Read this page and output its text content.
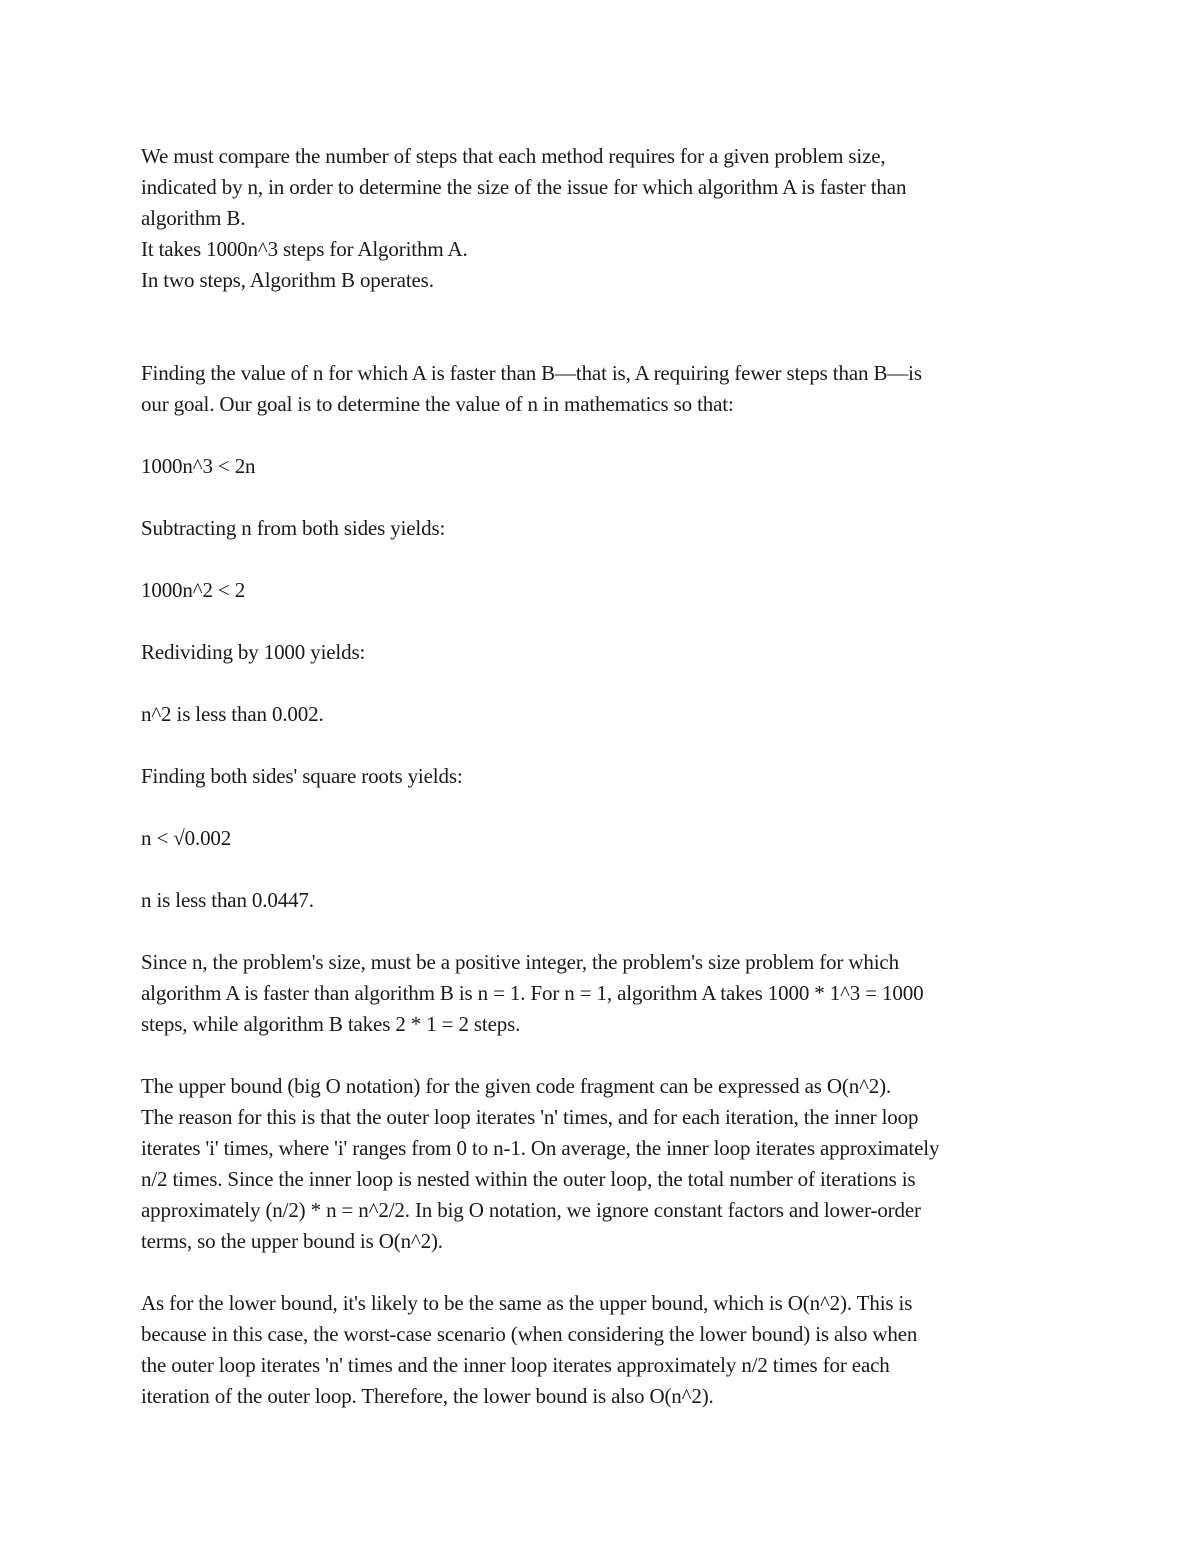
We must compare the number of steps that each method requires for a given problem size,

indicated by n, in order to determine the size of the issue for which algorithm A is faster than

algorithm B.

It takes 1000n^3 steps for Algorithm A.

In two steps, Algorithm B operates.

Finding the value of n for which A is faster than B—that is, A requiring fewer steps than B—is

our goal. Our goal is to determine the value of n in mathematics so that:

1000n^3 < 2n

Subtracting n from both sides yields:

1000n^2 < 2

Redividing by 1000 yields:

n^2 is less than 0.002.

Finding both sides' square roots yields:

n < √0.002

n is less than 0.0447.

Since n, the problem's size, must be a positive integer, the problem's size problem for which

algorithm A is faster than algorithm B is n = 1. For n = 1, algorithm A takes 1000 * 1^3 = 1000

steps, while algorithm B takes 2 * 1 = 2 steps.

The upper bound (big O notation) for the given code fragment can be expressed as O(n^2).

The reason for this is that the outer loop iterates 'n' times, and for each iteration, the inner loop

iterates 'i' times, where 'i' ranges from 0 to n-1. On average, the inner loop iterates approximately

n/2 times. Since the inner loop is nested within the outer loop, the total number of iterations is

approximately (n/2) * n = n^2/2. In big O notation, we ignore constant factors and lower-order

terms, so the upper bound is O(n^2).

As for the lower bound, it's likely to be the same as the upper bound, which is O(n^2). This is

because in this case, the worst-case scenario (when considering the lower bound) is also when

the outer loop iterates 'n' times and the inner loop iterates approximately n/2 times for each

iteration of the outer loop. Therefore, the lower bound is also O(n^2).
